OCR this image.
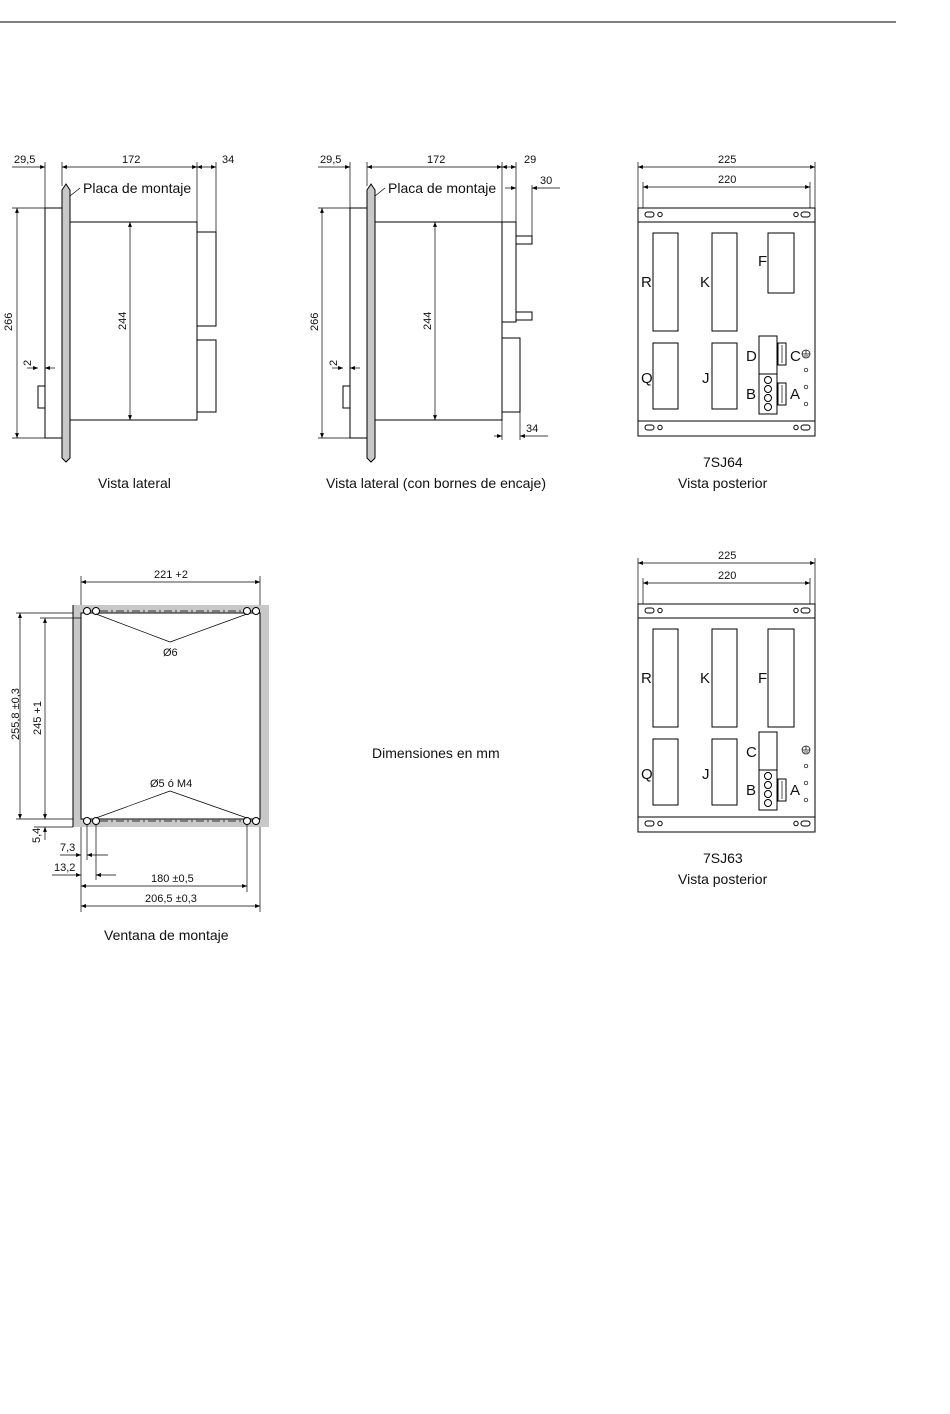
29,5	172	34
Placa de montaje
266	244
2
Vista lateral
29,5	172	29
30
Placa de montaje
266	244
2
34
Vista lateral (con bornes de encaje)
225
220
R	K
F
Q	J
D C
B A
7SJ64
Vista posterior
221 +2
Ø6
Ø5 ó M4
255,8 ±0,3 245 +1
5,4
7,3
13,2
180 ±0,5
206,5 ±0,3
Ventana de montaje
Dimensiones en mm
225
220
R	K	F
Q	J
C
B A
7SJ63
Vista posterior
